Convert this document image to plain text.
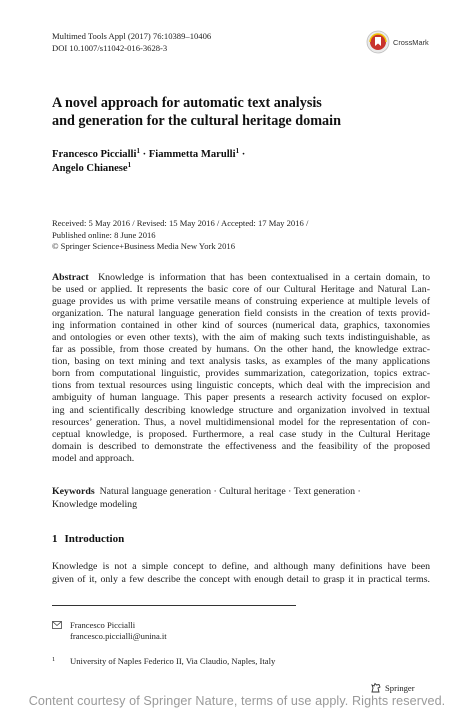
Multimed Tools Appl (2017) 76:10389–10406
DOI 10.1007/s11042-016-3628-3
CrossMark
A novel approach for automatic text analysis
and generation for the cultural heritage domain
Francesco Piccialli$^1$ · Fiammetta Marulli$^1$ ·
Angelo Chianese$^1$
Received: 5 May 2016 / Revised: 15 May 2016 / Accepted: 17 May 2016 /
Published online: 8 June 2016
© Springer Science+Business Media New York 2016
Abstract Knowledge is information that has been contextualised in a certain domain, to
be used or applied. It represents the basic core of our Cultural Heritage and Natural Lan-
guage provides us with prime versatile means of construing experience at multiple levels of
organization. The natural language generation field consists in the creation of texts provid-
ing information contained in other kind of sources (numerical data, graphics, taxonomies
and ontologies or even other texts), with the aim of making such texts indistinguishable, as
far as possible, from those created by humans. On the other hand, the knowledge extrac-
tion, basing on text mining and text analysis tasks, as examples of the many applications
born from computational linguistic, provides summarization, categorization, topics extrac-
tions from textual resources using linguistic concepts, which deal with the imprecision and
ambiguity of human language. This paper presents a research activity focused on explor-
ing and scientifically describing knowledge structure and organization involved in textual
resources’ generation. Thus, a novel multidimensional model for the representation of con-
ceptual knowledge, is proposed. Furthermore, a real case study in the Cultural Heritage
domain is described to demonstrate the effectiveness and the feasibility of the proposed
model and approach.
Keywords Natural language generation · Cultural heritage · Text generation ·
Knowledge modeling
1 Introduction
Knowledge is not a simple concept to define, and although many definitions have been
given of it, only a few describe the concept with enough detail to grasp it in practical terms.
Francesco Piccialli
francesco.piccialli@unina.it
1 University of Naples Federico II, Via Claudio, Naples, Italy
Springer
Content courtesy of Springer Nature, terms of use apply. Rights reserved.
